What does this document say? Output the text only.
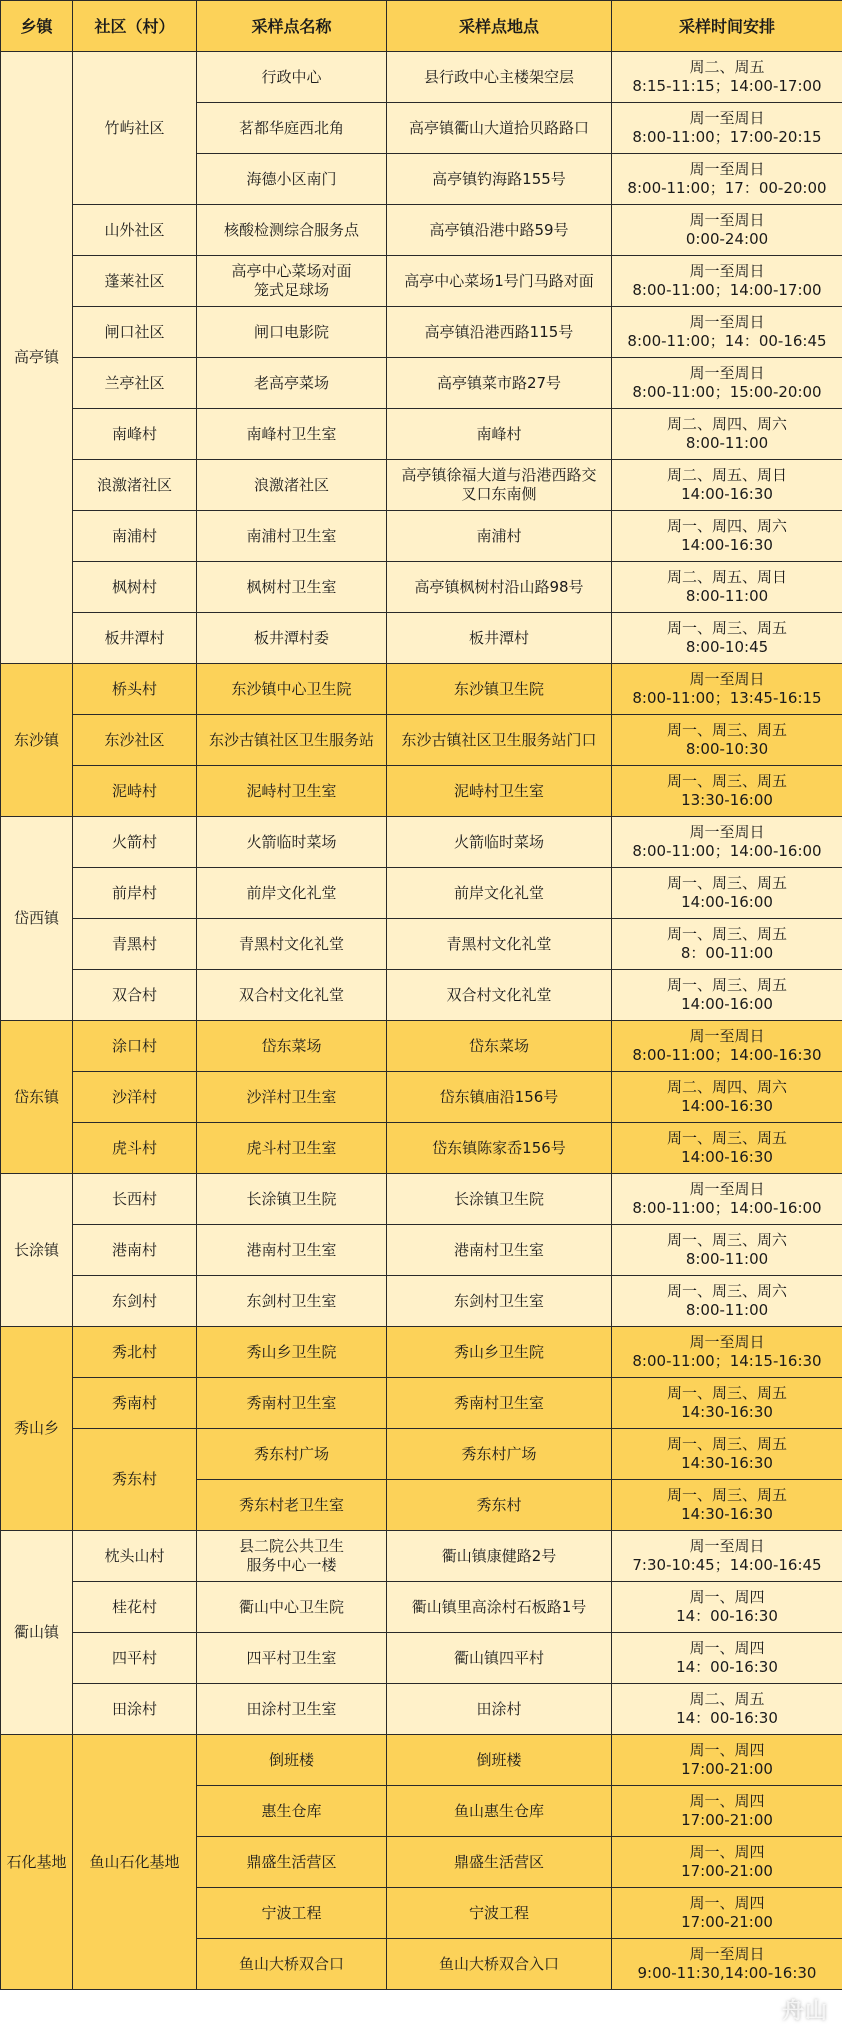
乡镇	社区（村）	采样点名称	采样点地点	采样时间安排
高亭镇	竹屿社区	行政中心	县行政中心主楼架空层	周二、周五
8:15-11:15；14:00-17:00

		茗都华庭西北角	高亭镇衢山大道拾贝路路口	周一至周日
8:00-11:00；17:00-20:15

		海德小区南门	高亭镇钓海路155号	周一至周日
8:00-11:00；17：00-20:00

	山外社区	核酸检测综合服务点	高亭镇沿港中路59号	周一至周日
0:00-24:00

	蓬莱社区	高亭中心菜场对面
笼式足球场	高亭中心菜场1号门马路对面	周一至周日
8:00-11:00；14:00-17:00

	闸口社区	闸口电影院	高亭镇沿港西路115号	周一至周日
8:00-11:00；14：00-16:45

	兰亭社区	老高亭菜场	高亭镇菜市路27号	周一至周日
8:00-11:00；15:00-20:00

	南峰村	南峰村卫生室	南峰村	周二、周四、周六
8:00-11:00

	浪激渚社区	浪激渚社区	高亭镇徐福大道与沿港西路交
叉口东南侧	周二、周五、周日
14:00-16:30

	南浦村	南浦村卫生室	南浦村	周一、周四、周六
14:00-16:30

	枫树村	枫树村卫生室	高亭镇枫树村沿山路98号	周二、周五、周日
8:00-11:00

	板井潭村	板井潭村委	板井潭村	周一、周三、周五
8:00-10:45

东沙镇	桥头村	东沙镇中心卫生院	东沙镇卫生院	周一至周日
8:00-11:00；13:45-16:15

	东沙社区	东沙古镇社区卫生服务站	东沙古镇社区卫生服务站门口	周一、周三、周五
8:00-10:30

	泥峙村	泥峙村卫生室	泥峙村卫生室	周一、周三、周五
13:30-16:00

岱西镇	火箭村	火箭临时菜场	火箭临时菜场	周一至周日
8:00-11:00；14:00-16:00

	前岸村	前岸文化礼堂	前岸文化礼堂	周一、周三、周五
14:00-16:00

	青黑村	青黑村文化礼堂	青黑村文化礼堂	周一、周三、周五
8：00-11:00

	双合村	双合村文化礼堂	双合村文化礼堂	周一、周三、周五
14:00-16:00

岱东镇	涂口村	岱东菜场	岱东菜场	周一至周日
8:00-11:00；14:00-16:30

	沙洋村	沙洋村卫生室	岱东镇庙沿156号	周二、周四、周六
14:00-16:30

	虎斗村	虎斗村卫生室	岱东镇陈家岙156号	周一、周三、周五
14:00-16:30

长涂镇	长西村	长涂镇卫生院	长涂镇卫生院	周一至周日
8:00-11:00；14:00-16:00

	港南村	港南村卫生室	港南村卫生室	周一、周三、周六
8:00-11:00

	东剑村	东剑村卫生室	东剑村卫生室	周一、周三、周六
8:00-11:00

秀山乡	秀北村	秀山乡卫生院	秀山乡卫生院	周一至周日
8:00-11:00；14:15-16:30

	秀南村	秀南村卫生室	秀南村卫生室	周一、周三、周五
14:30-16:30

	秀东村	秀东村广场	秀东村广场	周一、周三、周五
14:30-16:30

		秀东村老卫生室	秀东村	周一、周三、周五
14:30-16:30

衢山镇	枕头山村	县二院公共卫生
服务中心一楼	衢山镇康健路2号	周一至周日
7:30-10:45；14:00-16:45

	桂花村	衢山中心卫生院	衢山镇里高涂村石板路1号	周一、周四
14：00-16:30

	四平村	四平村卫生室	衢山镇四平村	周一、周四
14：00-16:30

	田涂村	田涂村卫生室	田涂村	周二、周五
14：00-16:30

石化基地	鱼山石化基地	倒班楼	倒班楼	周一、周四
17:00-21:00

		惠生仓库	鱼山惠生仓库	周一、周四
17:00-21:00

		鼎盛生活营区	鼎盛生活营区	周一、周四
17:00-21:00

		宁波工程	宁波工程	周一、周四
17:00-21:00

		鱼山大桥双合口	鱼山大桥双合入口	周一至周日
9:00-11:30,14:00-16:30
舟山
